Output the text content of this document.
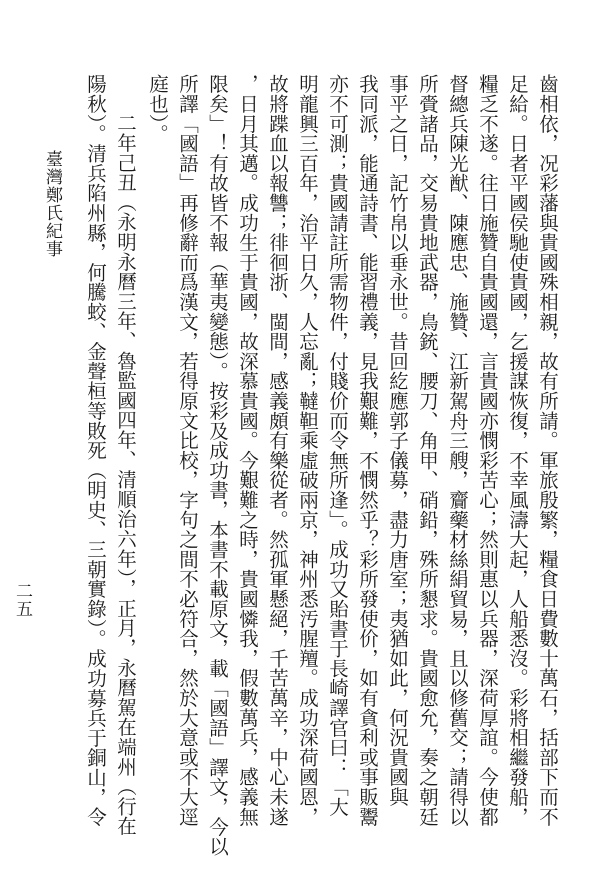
臺灣鄭氏紀事
二五	齒相依，况彩藩與貴國殊相親，故有所請。軍旅殷繁，糧食日費數十萬石，括部下而不
足給。日者平國侯馳使貴國，乞援謀恢復，不幸風濤大起，人船悉沒。彩將相繼發船，
糧乏不遂。往日施贊自貴國還，言貴國亦憫彩苦心；然則惠以兵器，深荷厚誼。今使都
督總兵陳光猷、陳應忠、施贊、江新駕舟三艘，齎藥材絲絹貿易，且以修舊交；請得以
所賫諸品，交易貴地武器，鳥銃、腰刀、角甲、硝鉛，殊所懇求。貴國愈允，奏之朝廷
事平之日，記竹帛以垂永世。昔回紇應郭子儀募，盡力唐室；夷猶如此，何況貴國與
我同派，能通詩書、能習禮義，見我艱難，不憫然乎？彩所發使价，如有貪利或事販鬻
亦不可測；貴國請註所需物件，付賤价而令無所逢」。成功又貽書于長崎譯官曰：「大
明龍興三百年，治平日久，人忘亂；韃靼乘虛破兩京，神州悉汚腥羶。成功深荷國恩，
故將蹀血以報讐；徘徊浙、閩間，感義頗有樂從者。然孤軍懸絕，千苦萬辛，中心未遂
，日月其邁。成功生于貴國，故深慕貴國。今艱難之時，貴國憐我，假數萬兵，感義無
限矣」！有故皆不報（華夷變態）。按彩及成功書，本書不載原文，載「國語」譯文，今以
所譯「國語」再修辭而爲漢文，若得原文比校，字句之間不必符合，然於大意或不大逕
庭也）。
二年己丑（永明永曆三年、魯監國四年、清順治六年），正月，永曆駕在端州（行在
陽秋）。清兵陷州縣，何騰蛟、金聲桓等敗死（明史、三朝實錄）。成功募兵于銅山，令
